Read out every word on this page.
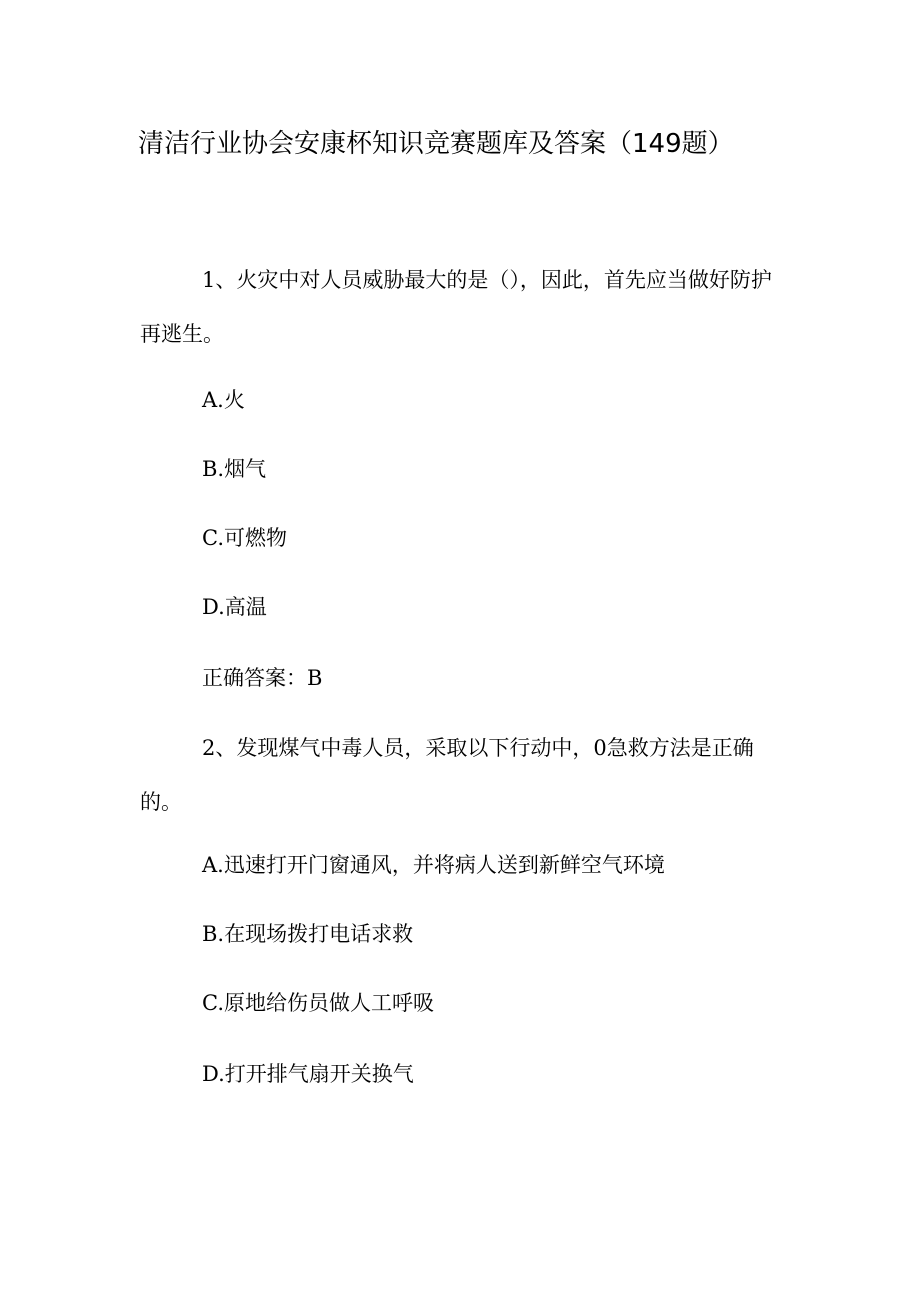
清洁行业协会安康杯知识竞赛题库及答案（149题）
1、火灾中对人员威胁最大的是（），因此，首先应当做好防护 再逃生。
A.火
B.烟气
C.可燃物
D.高温
正确答案：B
2、发现煤气中毒人员，采取以下行动中，0急救方法是正确的。
A.迅速打开门窗通风，并将病人送到新鲜空气环境
B.在现场拨打电话求救
C.原地给伤员做人工呼吸
D.打开排气扇开关换气
